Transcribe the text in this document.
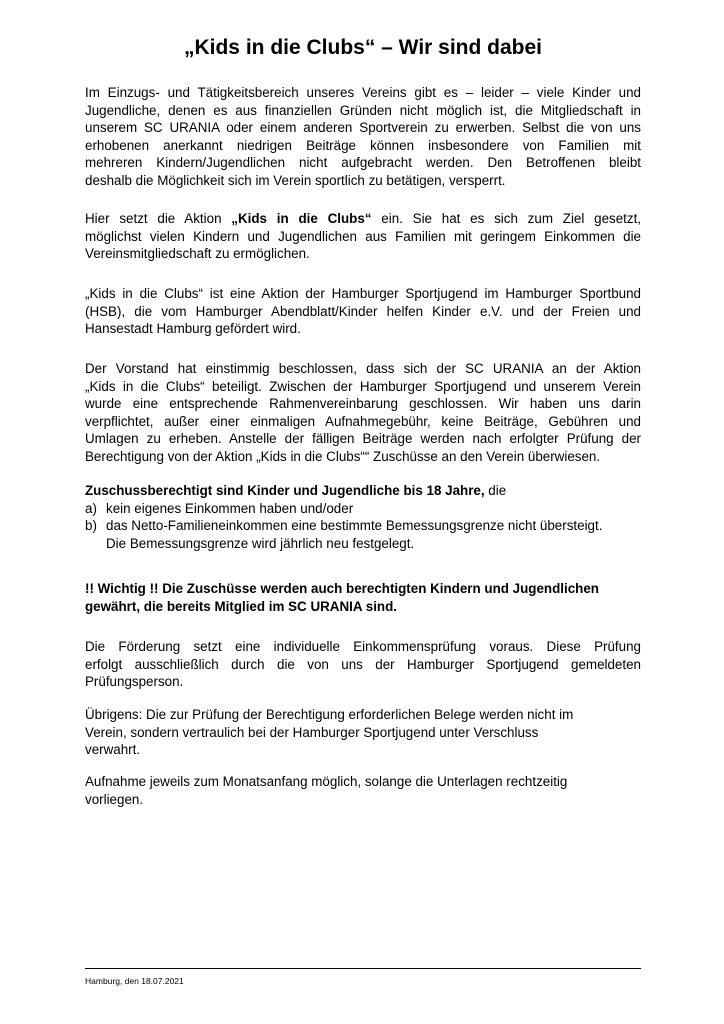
„Kids in die Clubs“ – Wir sind dabei

Im Einzugs- und Tätigkeitsbereich unseres Vereins gibt es – leider – viele Kinder und
Jugendliche, denen es aus finanziellen Gründen nicht möglich ist, die Mitgliedschaft in
unserem SC URANIA oder einem anderen Sportverein zu erwerben. Selbst die von uns
erhobenen anerkannt niedrigen Beiträge können insbesondere von Familien mit
mehreren Kindern/Jugendlichen nicht aufgebracht werden. Den Betroffenen bleibt
deshalb die Möglichkeit sich im Verein sportlich zu betätigen, versperrt.

Hier setzt die Aktion „Kids in die Clubs“ ein. Sie hat es sich zum Ziel gesetzt,
möglichst vielen Kindern und Jugendlichen aus Familien mit geringem Einkommen die
Vereinsmitgliedschaft zu ermöglichen.

„Kids in die Clubs“ ist eine Aktion der Hamburger Sportjugend im Hamburger Sportbund
(HSB), die vom Hamburger Abendblatt/Kinder helfen Kinder e.V. und der Freien und
Hansestadt Hamburg gefördert wird.

Der Vorstand hat einstimmig beschlossen, dass sich der SC URANIA an der Aktion
„Kids in die Clubs“ beteiligt. Zwischen der Hamburger Sportjugend und unserem Verein
wurde eine entsprechende Rahmenvereinbarung geschlossen. Wir haben uns darin
verpflichtet, außer einer einmaligen Aufnahmegebühr, keine Beiträge, Gebühren und
Umlagen zu erheben. Anstelle der fälligen Beiträge werden nach erfolgter Prüfung der
Berechtigung von der Aktion „Kids in die Clubs““ Zuschüsse an den Verein überwiesen.

Zuschussberechtigt sind Kinder und Jugendliche bis 18 Jahre, die
a) kein eigenes Einkommen haben und/oder
b) das Netto-Familieneinkommen eine bestimmte Bemessungsgrenze nicht übersteigt.
Die Bemessungsgrenze wird jährlich neu festgelegt.

!! Wichtig !! Die Zuschüsse werden auch berechtigten Kindern und Jugendlichen
gewährt, die bereits Mitglied im SC URANIA sind.

Die Förderung setzt eine individuelle Einkommensprüfung voraus. Diese Prüfung
erfolgt ausschließlich durch die von uns der Hamburger Sportjugend gemeldeten
Prüfungsperson.

Übrigens: Die zur Prüfung der Berechtigung erforderlichen Belege werden nicht im
Verein, sondern vertraulich bei der Hamburger Sportjugend unter Verschluss
verwahrt.

Aufnahme jeweils zum Monatsanfang möglich, solange die Unterlagen rechtzeitig
vorliegen.

Hamburg, den 18.07.2021
